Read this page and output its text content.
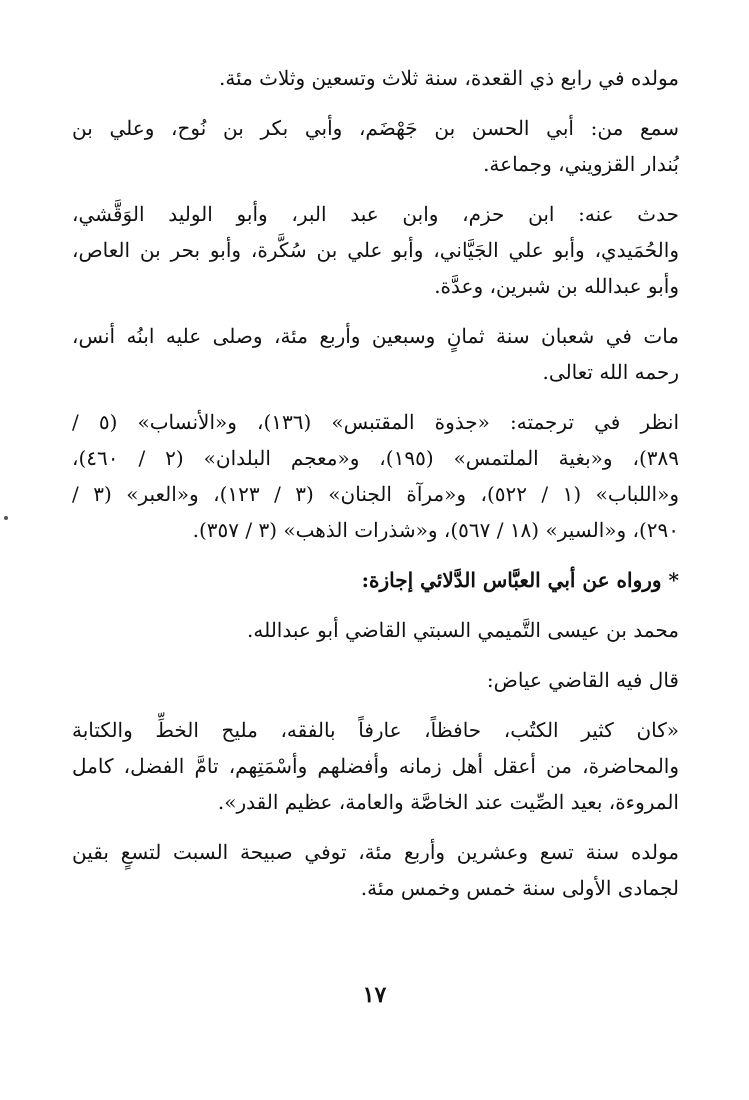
مولده في رابع ذي القعدة، سنة ثلاث وتسعين وثلاث مئة.
سمع من: أبي الحسن بن جَهْضَم، وأبي بكر بن نُوح، وعلي بن
بُندار القزويني، وجماعة.
حدث عنه: ابن حزم، وابن عبد البر، وأبو الوليد الوَقَّشي،
والحُمَيدي، وأبو علي الجَيَّاني، وأبو علي بن سُكَّرة، وأبو بحر بن العاص،
وأبو عبدالله بن شبرين، وعدَّة.
مات في شعبان سنة ثمانٍ وسبعين وأربع مئة، وصلى عليه ابنُه أنس،
رحمه الله تعالى.
انظر في ترجمته: «جذوة المقتبس» (١٣٦)، و«الأنساب» (٥ /
٣٨٩)، و«بغية الملتمس» (١٩٥)، و«معجم البلدان» (٢ / ٤٦٠)،
و«اللباب» (١ / ٥٢٢)، و«مرآة الجنان» (٣ / ١٢٣)، و«العبر» (٣ /
٢٩٠)، و«السير» (١٨ / ٥٦٧)، و«شذرات الذهب» (٣ / ٣٥٧).
* ورواه عن أبي العبَّاس الدَّلائي إجازة:
محمد بن عيسى التَّميمي السبتي القاضي أبو عبدالله.
قال فيه القاضي عياض:
«كان كثير الكتُب، حافظاً، عارفاً بالفقه، مليح الخطِّ والكتابة
والمحاضرة، من أعقل أهل زمانه وأفضلهم وأسْمَتِهم، تامَّ الفضل، كامل
المروءة، بعيد الصِّيت عند الخاصَّة والعامة، عظيم القدر».
مولده سنة تسع وعشرين وأربع مئة، توفي صبيحة السبت لتسعٍ بقين
لجمادى الأولى سنة خمس وخمس مئة.
١٧
